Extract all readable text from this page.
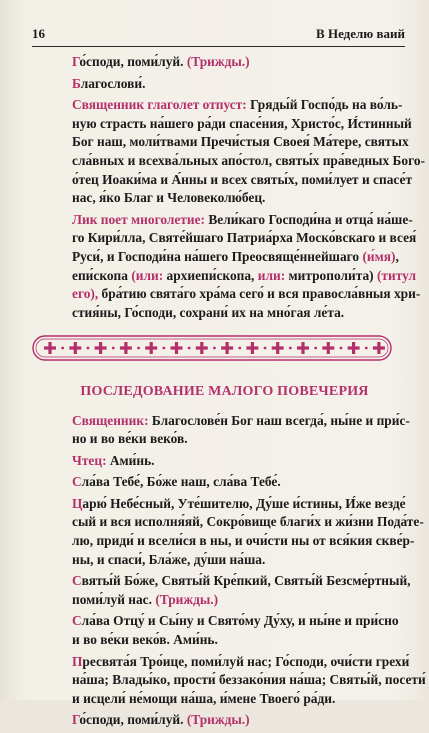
16	В Неделю ваий
Го́споди, поми́луй. (Трижды.)
Благослови́.
Священник глаголет отпуст: Гряды́й Госпо́дь на во́ль-
ную страсть на́шего ра́ди спасе́ния, Христо́с, И́стинный
Бог наш, моли́твами Пречи́стыя Своея́ Ма́тере, святых
сла́вных и всехва́льных апо́стол, святы́х пра́ведных Бого-
о́тец Иоаки́ма и А́нны и всех святы́х, поми́лует и спасе́т
нас, я́ко Благ и Человеколю́бец.
Лик поет многолетие: Вели́каго Господи́на и отца́ на́ше-
го Кири́лла, Святе́йшаго Патриа́рха Моско́вскаго и всея́
Руси́, и Господи́на на́шего Преосвяще́ннейшаго (и́мя),
епи́скопа (или: архиепи́скопа, или: митрополи́та) (титул
его), бра́тию свята́го хра́ма сего́ и вся правосла́вныя хри-
стия́ны, Го́споди, сохрани́ их на мно́гая ле́та.
ПОСЛЕДОВАНИЕ МАЛОГО ПОВЕЧЕРИЯ
Священник: Благослове́н Бог наш всегда́, ны́не и при́с-
но и во ве́ки веко́в.
Чтец: Ами́нь.
Сла́ва Тебе́, Бо́же наш, сла́ва Тебе́.
Царю́ Небе́сный, Уте́шителю, Ду́ше и́стины, И́же везде́
сый и вся исполня́яй, Сокро́вище благи́х и жи́зни Пода́те-
лю, приди́ и всели́ся в ны, и очи́сти ны от вся́кия скве́р-
ны, и спаси́, Бла́же, ду́ши на́ша.
Святы́й Бо́же, Святы́й Кре́пкий, Святы́й Безсме́ртный,
поми́луй нас. (Трижды.)
Сла́ва Отцу́ и Сы́ну и Свято́му Ду́ху, и ны́не и при́сно
и во ве́ки веко́в. Ами́нь.
Пресвята́я Тро́ице, поми́луй нас; Го́споди, очи́сти грехи́
на́ша; Влады́ко, прости́ беззако́ния на́ша; Святы́й, посети́
и исцели́ не́мощи на́ша, и́мене Твоего́ ра́ди.
Го́споди, поми́луй. (Трижды.)
